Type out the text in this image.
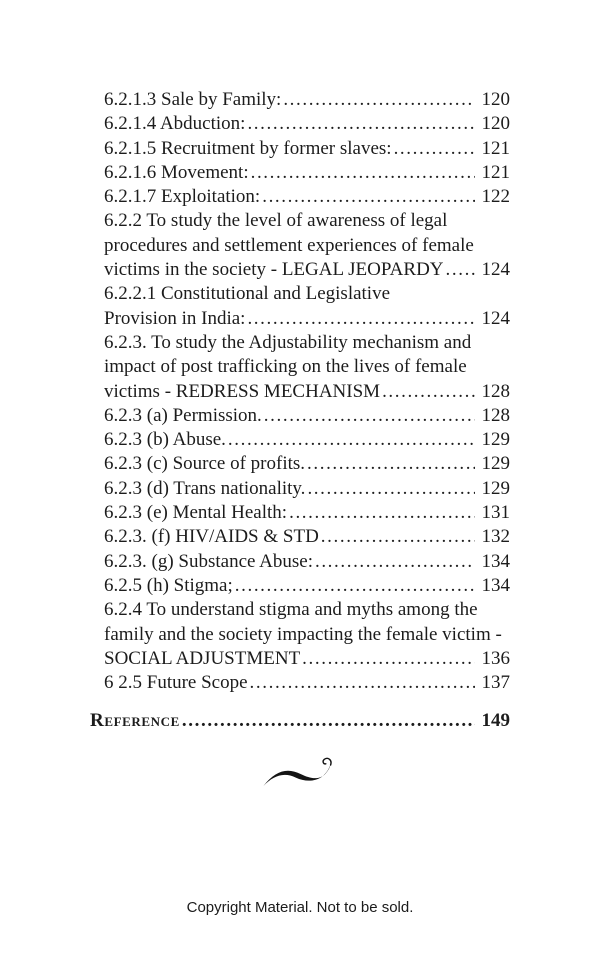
6.2.1.3 Sale by Family: .....	120
6.2.1.4 Abduction: .....	120
6.2.1.5 Recruitment by former slaves: .....	121
6.2.1.6 Movement: .....	121
6.2.1.7 Exploitation: .....	122
6.2.2 To study the level of awareness of legal
procedures and settlement experiences of female
victims in the society - LEGAL JEOPARDY .....	124
6.2.2.1 Constitutional and Legislative
Provision in India: .....	124
6.2.3. To study the Adjustability mechanism and
impact of post trafficking on the lives of female
victims - REDRESS MECHANISM .....	128
6.2.3 (a) Permission. .....	128
6.2.3 (b) Abuse. .....	129
6.2.3 (c) Source of profits. .....	129
6.2.3 (d) Trans nationality. .....	129
6.2.3 (e) Mental Health: .....	131
6.2.3. (f) HIV/AIDS & STD .....	132
6.2.3. (g) Substance Abuse: .....	134
6.2.5 (h) Stigma; .....	134
6.2.4 To understand stigma and myths among the
family and the society impacting the female victim -
SOCIAL ADJUSTMENT .....	136
6 2.5 Future Scope .....	137
Reference .....	149
Copyright Material. Not to be sold.
